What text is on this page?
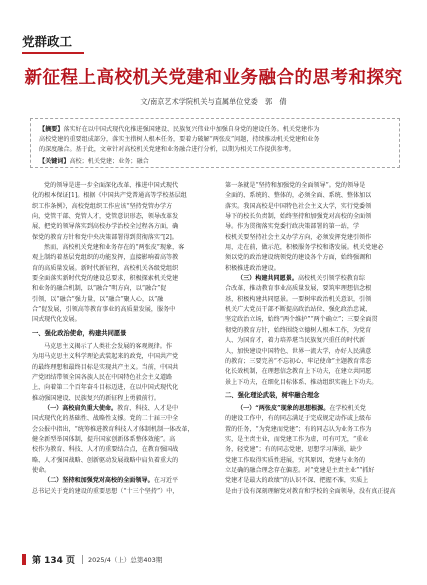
党群政工
新征程上高校机关党建和业务融合的思考和探究
文/南京艺术学院机关与直属单位党委　郭　倩
【摘要】落实好在以中国式现代化推进强国建设、民族复兴伟业中加强自身党的建设任务。机关党建作为
高校党建的重要组成部分，落实主措树人根本任务，要着力破解“两张皮”问题，持续推动机关党建和业务
的深度融合。基于此，文章针对高校机关党建和业务融合进行分析，以期为相关工作提供参考。
【关键词】高校；机关党建；业务；融合
党的领导是进一步全面深化改革、推进中国式现代
化的根本保证[1]。根据《中国共产党普通高等学校基层组
织工作条例》，高校党组织工作应该“坚持党管办学方
向，党管干部、党管人才，党管意识形态，领导改革发
展，把党的领导落实到高校办学治校全过程各方面，确
保党的教育方针和党中央决策部署得到贯彻落实”[2]。
然而，高校机关党建和业务存在的“两张皮”现象，客
观上制约着基层党组织的功能发挥，直接影响着高等教
育的高质量发展。新时代新征程，高校机关各级党组织
要全面落实新时代党的建设总要求，积极探索机关党建
和业务的融合机制，以“融合”明方向，以“融合”促
引领，以“融合”强力量，以“融合”聚人心，以“融
合”促发展，引领高等教育事业的高质量发展，服务中
国式现代化发展。
一、强化政治使命，构建共同愿景
马克思主义揭示了人类社会发展的客观规律。作
为用马克思主义科学理论武装起来的政党，中国共产党
的最终理想和最终目标是实现共产主义。当前，中国共
产党团结带领全国各族人民在中国特色社会主义道路
上，向着第二个百年奋斗目标迈进，在以中国式现代化
推动强国建设、民族复兴的新征程上勇毅前行。
（一）高校肩负重大使命。教育、科技、人才是中
国式现代化的基础性、战略性支撑。党的二十届三中全
会公报中指出，“统筹推进教育科技人才体制机制一体改革，
健全新型举国体制，提升国家创新体系整体效能”。高
校作为教育、科技、人才的重要结合点，在教育强国战
略、人才强国战略、创新驱动发展战略中肩负着重大的
使命。
（二）坚持和加强党对高校的全面领导。在习近平
总书记关于党的建设的重要思想（“十三个坚持”）中，
第一条就是“坚持和加强党的全面领导”。党的领导是
全面的、系统的、整体的，必须全面、系统、整体加以
落实。我国高校是中国特色社会主义大学，实行党委领
导下的校长负责制，始终坚持和加强党对高校的全面领
导。作为贯彻落实党委行政决策部署的第一站，学
校机关要坚持社会主义办学方向，必须发挥党建引领作
用，走在前，做示范，积极服务学校和谐发展。机关党建必
须以党的政治建设统领党的建设各个方面，始终强调和
积极推进政治建设。
（三）构建共同愿景。高校机关引领学校教育综
合改革，推动教育事业高质量发展，要筑牢理想信念根
基，积极构建共同愿景。一要树牢政治机关意识，引领
机关广大党员干部不断提高政治站位、强化政治忠诚、
坚定政治立场，始终“两个维护”“两个确立”；三要全面贯
彻党的教育方针，始终围绕立德树人根本工作，为党育
人、为国育才，着力培养堪当民族复兴重任的时代新
人，加快建设中国特色、世界一流大学，办好人民满意
的教育；三要完善“不忘初心、牢记使命”主题教育常态
化长效机制，在理想信念教育上下功夫，在建立共同愿
景上下功夫，在细化目标体系、推动组织实施上下功夫。
二、强化理论武装，树牢融合理念
（一）“两张皮”现象的思想根源。在学校机关党
的建设工作中，有的同志满足于完成规定动作或上级布
置的任务，“为党建而党建”；有的同志认为业务工作为
实，是主责主业，而党建工作为虚，可有可无，“重业
务，轻党建”；有的同志党建，思想学习薄弱，缺少
党建工作取得实质性进展，究其原因，党建与业务的
立足确的融合理念存在偏差。对“党建是主责主业”“抓好
党建才是最大的政绩”的认识不深、把握不准，实质上
是由于没有深刻理解党对教育和学校的全面领导，没有真正提高
第 134 页 2025/4（上）总第403期
